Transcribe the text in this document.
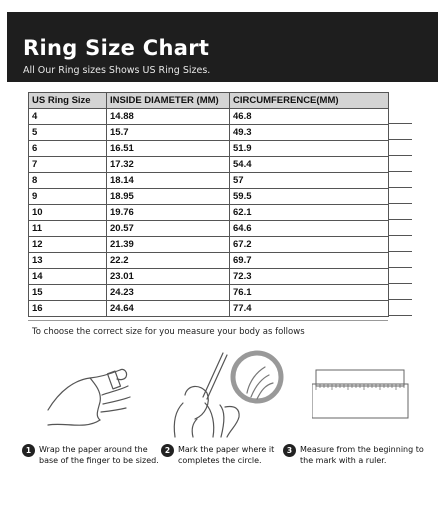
Ring Size Chart
All Our Ring sizes Shows US Ring Sizes.
US Ring Size	INSIDE DIAMETER (MM)	CIRCUMFERENCE(MM)
4	14.88	46.8
5	15.7	49.3
6	16.51	51.9
7	17.32	54.4
8	18.14	57
9	18.95	59.5
10	19.76	62.1
11	20.57	64.6
12	21.39	67.2
13	22.2	69.7
14	23.01	72.3
15	24.23	76.1
16	24.64	77.4
To choose the correct size for you measure your body as follows
1 Wrap the paper around the base of the finger to be sized.
2 Mark the paper where it completes the circle.
3 Measure from the beginning to the mark with a ruler.
